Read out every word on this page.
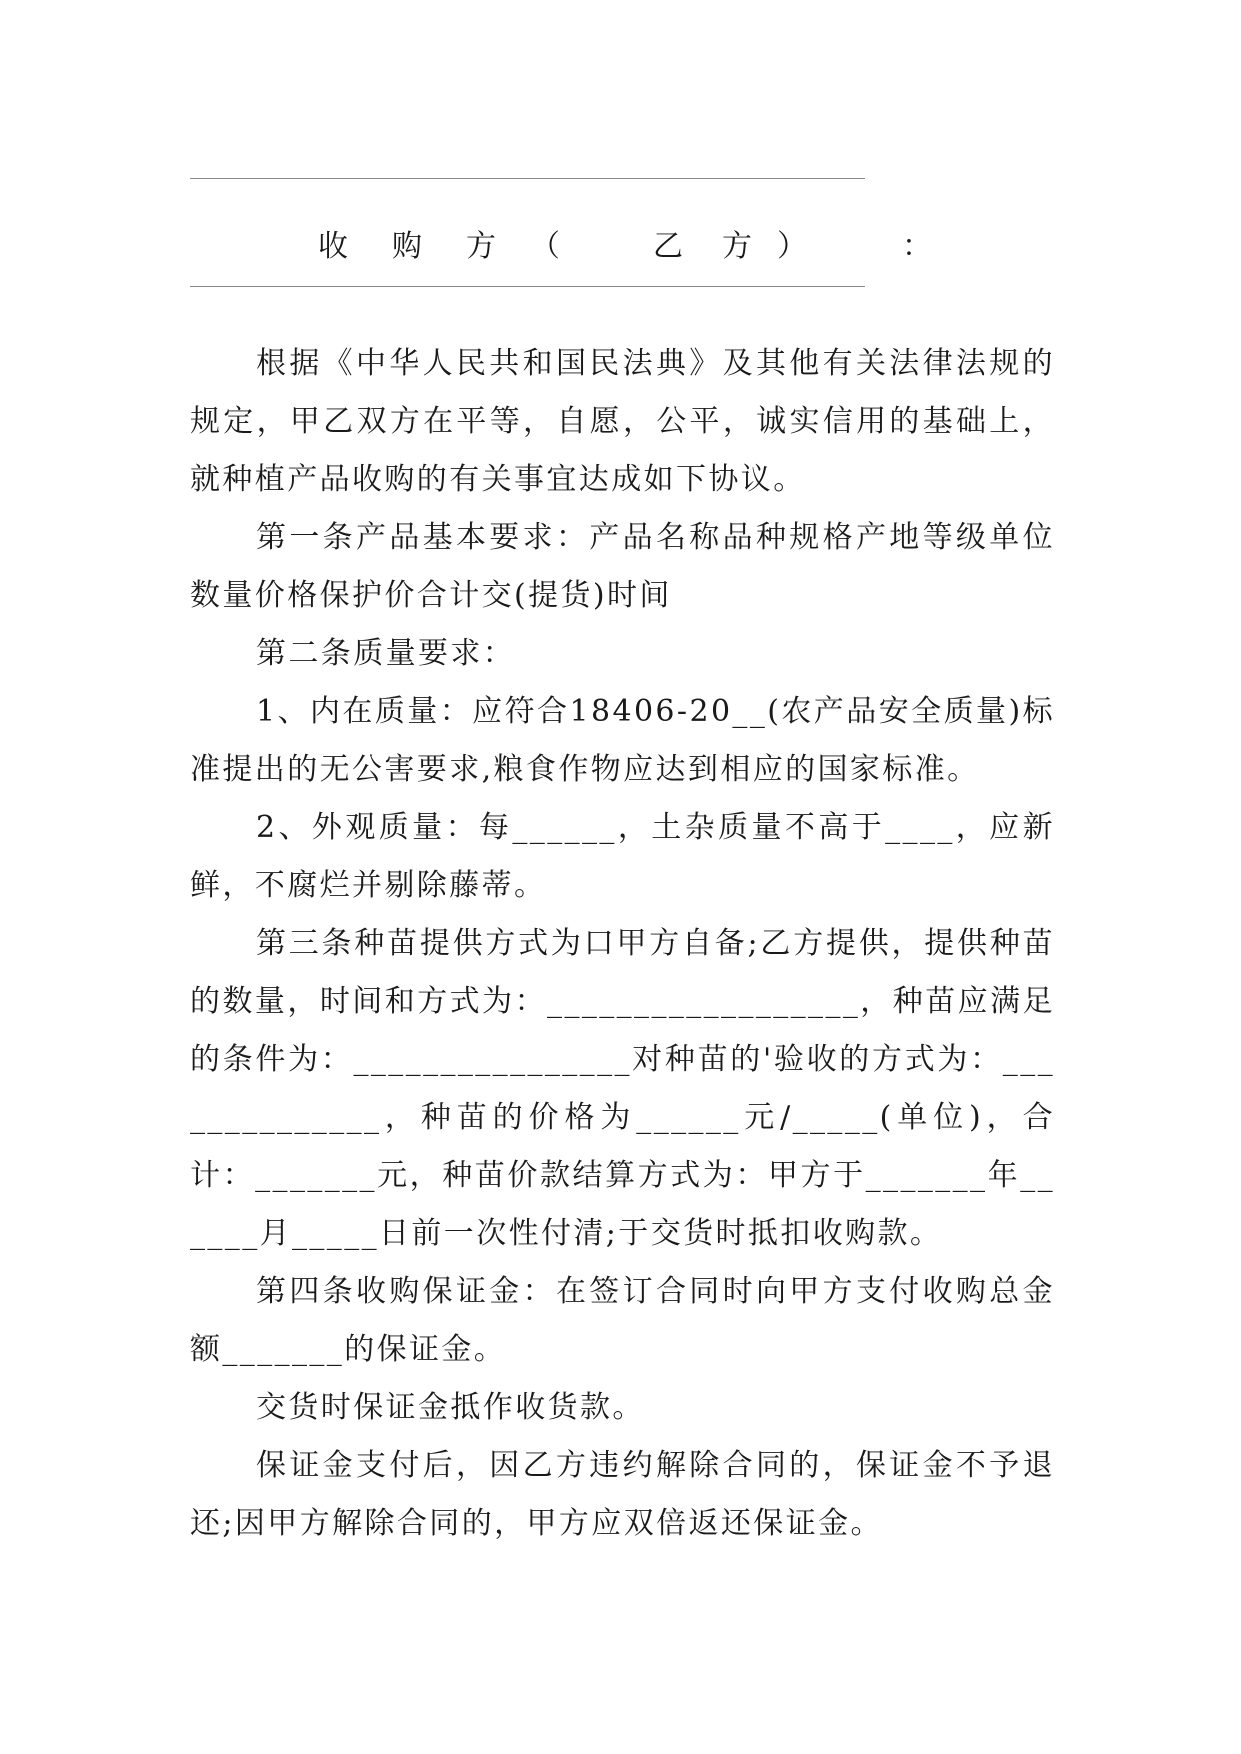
收 购 方 （	乙 方 ）	：

根据《中华人民共和国民法典》及其他有关法律法规的规定，甲乙双方在平等，自愿，公平，诚实信用的基础上，就种植产品收购的有关事宜达成如下协议。

第一条产品基本要求：产品名称品种规格产地等级单位数量价格保护价合计交(提货)时间

第二条质量要求：

1、内在质量：应符合18406-20__(农产品安全质量)标准提出的无公害要求,粮食作物应达到相应的国家标准。

2、外观质量：每______，土杂质量不高于____，应新鲜，不腐烂并剔除藤蒂。

第三条种苗提供方式为口甲方自备;乙方提供，提供种苗的数量，时间和方式为：__________________，种苗应满足的条件为：________________对种苗的'验收的方式为：______________，种苗的价格为______元/_____(单位)，合计：_______元，种苗价款结算方式为：甲方于_______年______月_____日前一次性付清;于交货时抵扣收购款。

第四条收购保证金：在签订合同时向甲方支付收购总金额_______的保证金。

交货时保证金抵作收货款。

保证金支付后，因乙方违约解除合同的，保证金不予退还;因甲方解除合同的，甲方应双倍返还保证金。
